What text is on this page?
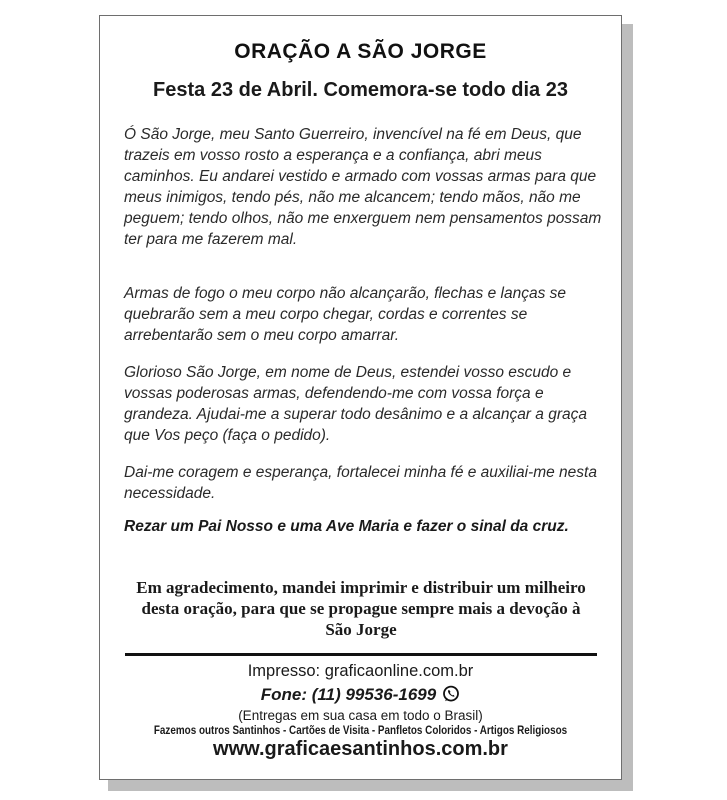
ORAÇÃO A SÃO JORGE
Festa 23 de Abril. Comemora-se todo dia 23

Ó São Jorge, meu Santo Guerreiro, invencível na fé em Deus, que trazeis em vosso rosto a esperança e a confiança, abri meus caminhos. Eu andarei vestido e armado com vossas armas para que meus inimigos, tendo pés, não me alcancem; tendo mãos, não me peguem; tendo olhos, não me enxerguem nem pensamentos possam ter para me fazerem mal.

Armas de fogo o meu corpo não alcançarão, flechas e lanças se quebrarão sem a meu corpo chegar, cordas e correntes se arrebentarão sem o meu corpo amarrar.

Glorioso São Jorge, em nome de Deus, estendei vosso escudo e vossas poderosas armas, defendendo-me com vossa força e grandeza. Ajudai-me a superar todo desânimo e a alcançar a graça que Vos peço (faça o pedido).

Dai-me coragem e esperança, fortalecei minha fé e auxiliai-me nesta necessidade.

Rezar um Pai Nosso e uma Ave Maria e fazer o sinal da cruz.
Em agradecimento, mandei imprimir e distribuir um milheiro desta oração, para que se propague sempre mais a devoção à São Jorge
Impresso: graficaonline.com.br
Fone: (11) 99536-1699
(Entregas em sua casa em todo o Brasil)
Fazemos outros Santinhos - Cartões de Visita - Panfletos Coloridos - Artigos Religiosos
www.graficaesantinhos.com.br
